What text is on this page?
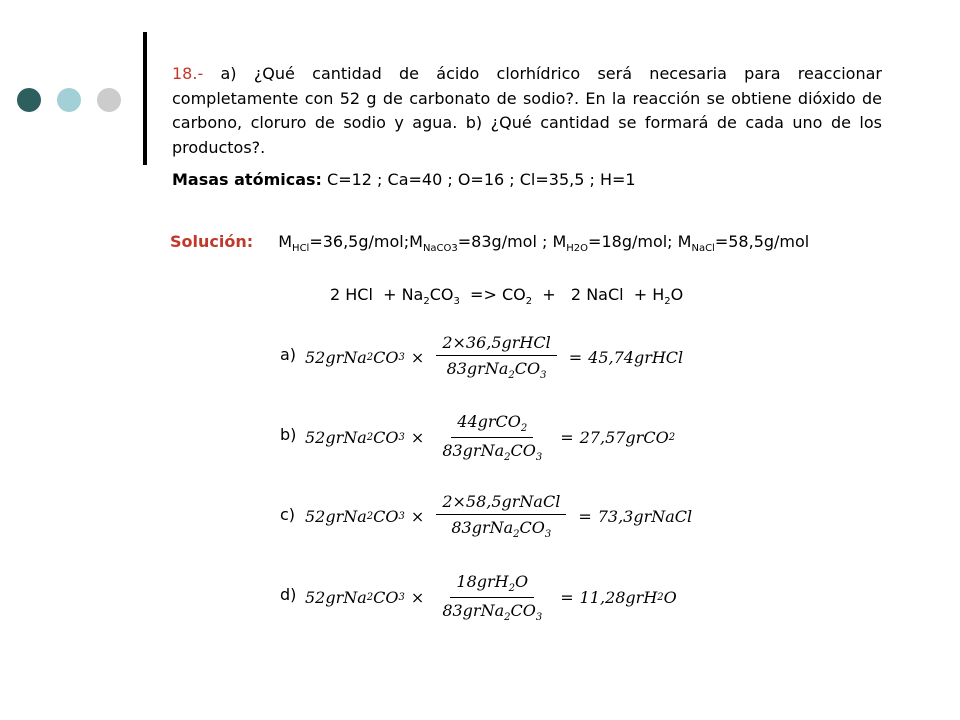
18.- a) ¿Qué cantidad de ácido clorhídrico será necesaria para reaccionar completamente con 52 g de carbonato de sodio?. En la reacción se obtiene dióxido de carbono, cloruro de sodio y agua. b) ¿Qué cantidad se formará de cada uno de los productos?.
Masas atómicas: C=12 ; Ca=40 ; O=16 ; Cl=35,5 ; H=1
Solución: $M_{HCl}=36,5g/mol;M_{NaCO3}=83g$/mol ; $M_{H2O}=18g$/mol; $M_{NaCl}=58,5g$/mol
2 HCl  + $Na_2CO_3 => CO_2 + 2$ NaCl  + $H_2O$
a) 52grNa 2 CO $3 \times \frac{\text{2×36,5grHCl}}{83grNa_2CO_3}$ = 45,74grHCl
b) 52grNa 2 CO $3 \times \frac{44grCO_2}{83grNa_2CO_3}$ = 27,57grCO 2
c) 52grNa 2 CO $3 \times \frac{\text{2×58,5grNaCl}}{83grNa_2CO_3}$ = 73,3grNaCl
d) 52grNa 2 CO $3 \times \frac{18grH_2O}{83grNa_2CO_3} = 11,28grH$ 2 O
